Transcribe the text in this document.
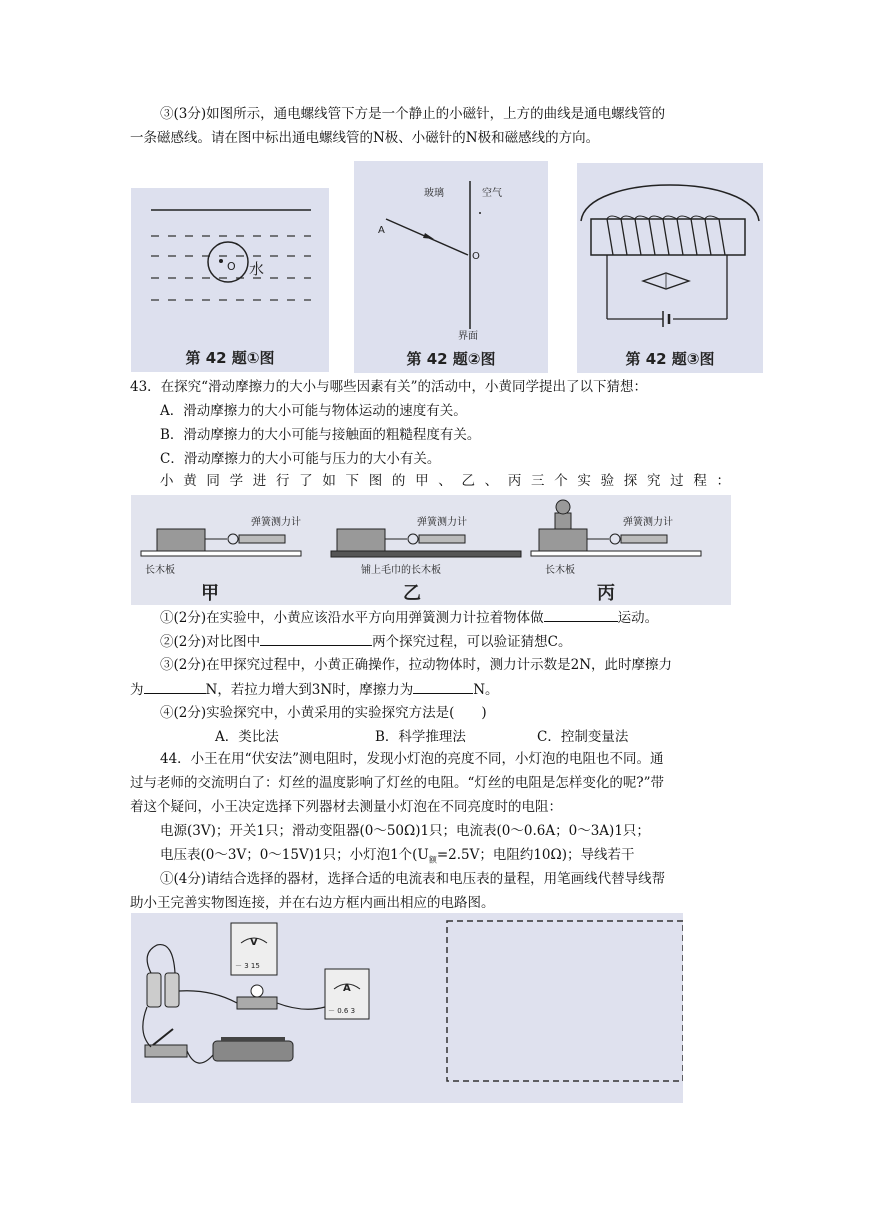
③(3分)如图所示，通电螺线管下方是一个静止的小磁针，上方的曲线是通电螺线管的
一条磁感线。请在图中标出通电螺线管的N极、小磁针的N极和磁感线的方向。
O 水
第 42 题①图
玻璃	空气
A
O
界面
第 42 题②图	第 42 题③图
43．在探究“滑动摩擦力的大小与哪些因素有关”的活动中，小黄同学提出了以下猜想：
A．滑动摩擦力的大小可能与物体运动的速度有关。
B．滑动摩擦力的大小可能与接触面的粗糙程度有关。
C．滑动摩擦力的大小可能与压力的大小有关。
小 黄 同 学 进 行 了 如 下 图 的 甲 、 乙 、 丙 三 个 实 验 探 究 过 程 ：
弹簧测力计	弹簧测力计	弹簧测力计
长木板	铺上毛巾的长木板	长木板
甲	乙	丙
①(2分)在实验中，小黄应该沿水平方向用弹簧测力计拉着物体做	运动。
②(2分)对比图中	两个探究过程，可以验证猜想C。
③(2分)在甲探究过程中，小黄正确操作，拉动物体时，测力计示数是2N，此时摩擦力
为	N，若拉力增大到3N时，摩擦力为	N。
④(2分)实验探究中，小黄采用的实验探究方法是(　　)
A．类比法	B．科学推理法	C．控制变量法
44．小王在用“伏安法”测电阻时，发现小灯泡的亮度不同，小灯泡的电阻也不同。通
过与老师的交流明白了：灯丝的温度影响了灯丝的电阻。“灯丝的电阻是怎样变化的呢?”带
着这个疑问，小王决定选择下列器材去测量小灯泡在不同亮度时的电阻：
电源(3V)；开关1只；滑动变阻器(0～50Ω)1只；电流表(0～0.6A；0～3A)1只；
电压表(0～3V；0～15V)1只；小灯泡1个($U_额=2.5V$；电阻约10Ω)；导线若干
①(4分)请结合选择的器材，选择合适的电流表和电压表的量程，用笔画线代替导线帮
助小王完善实物图连接，并在右边方框内画出相应的电路图。
V
A
－ 3 15
－ 0.6 3
